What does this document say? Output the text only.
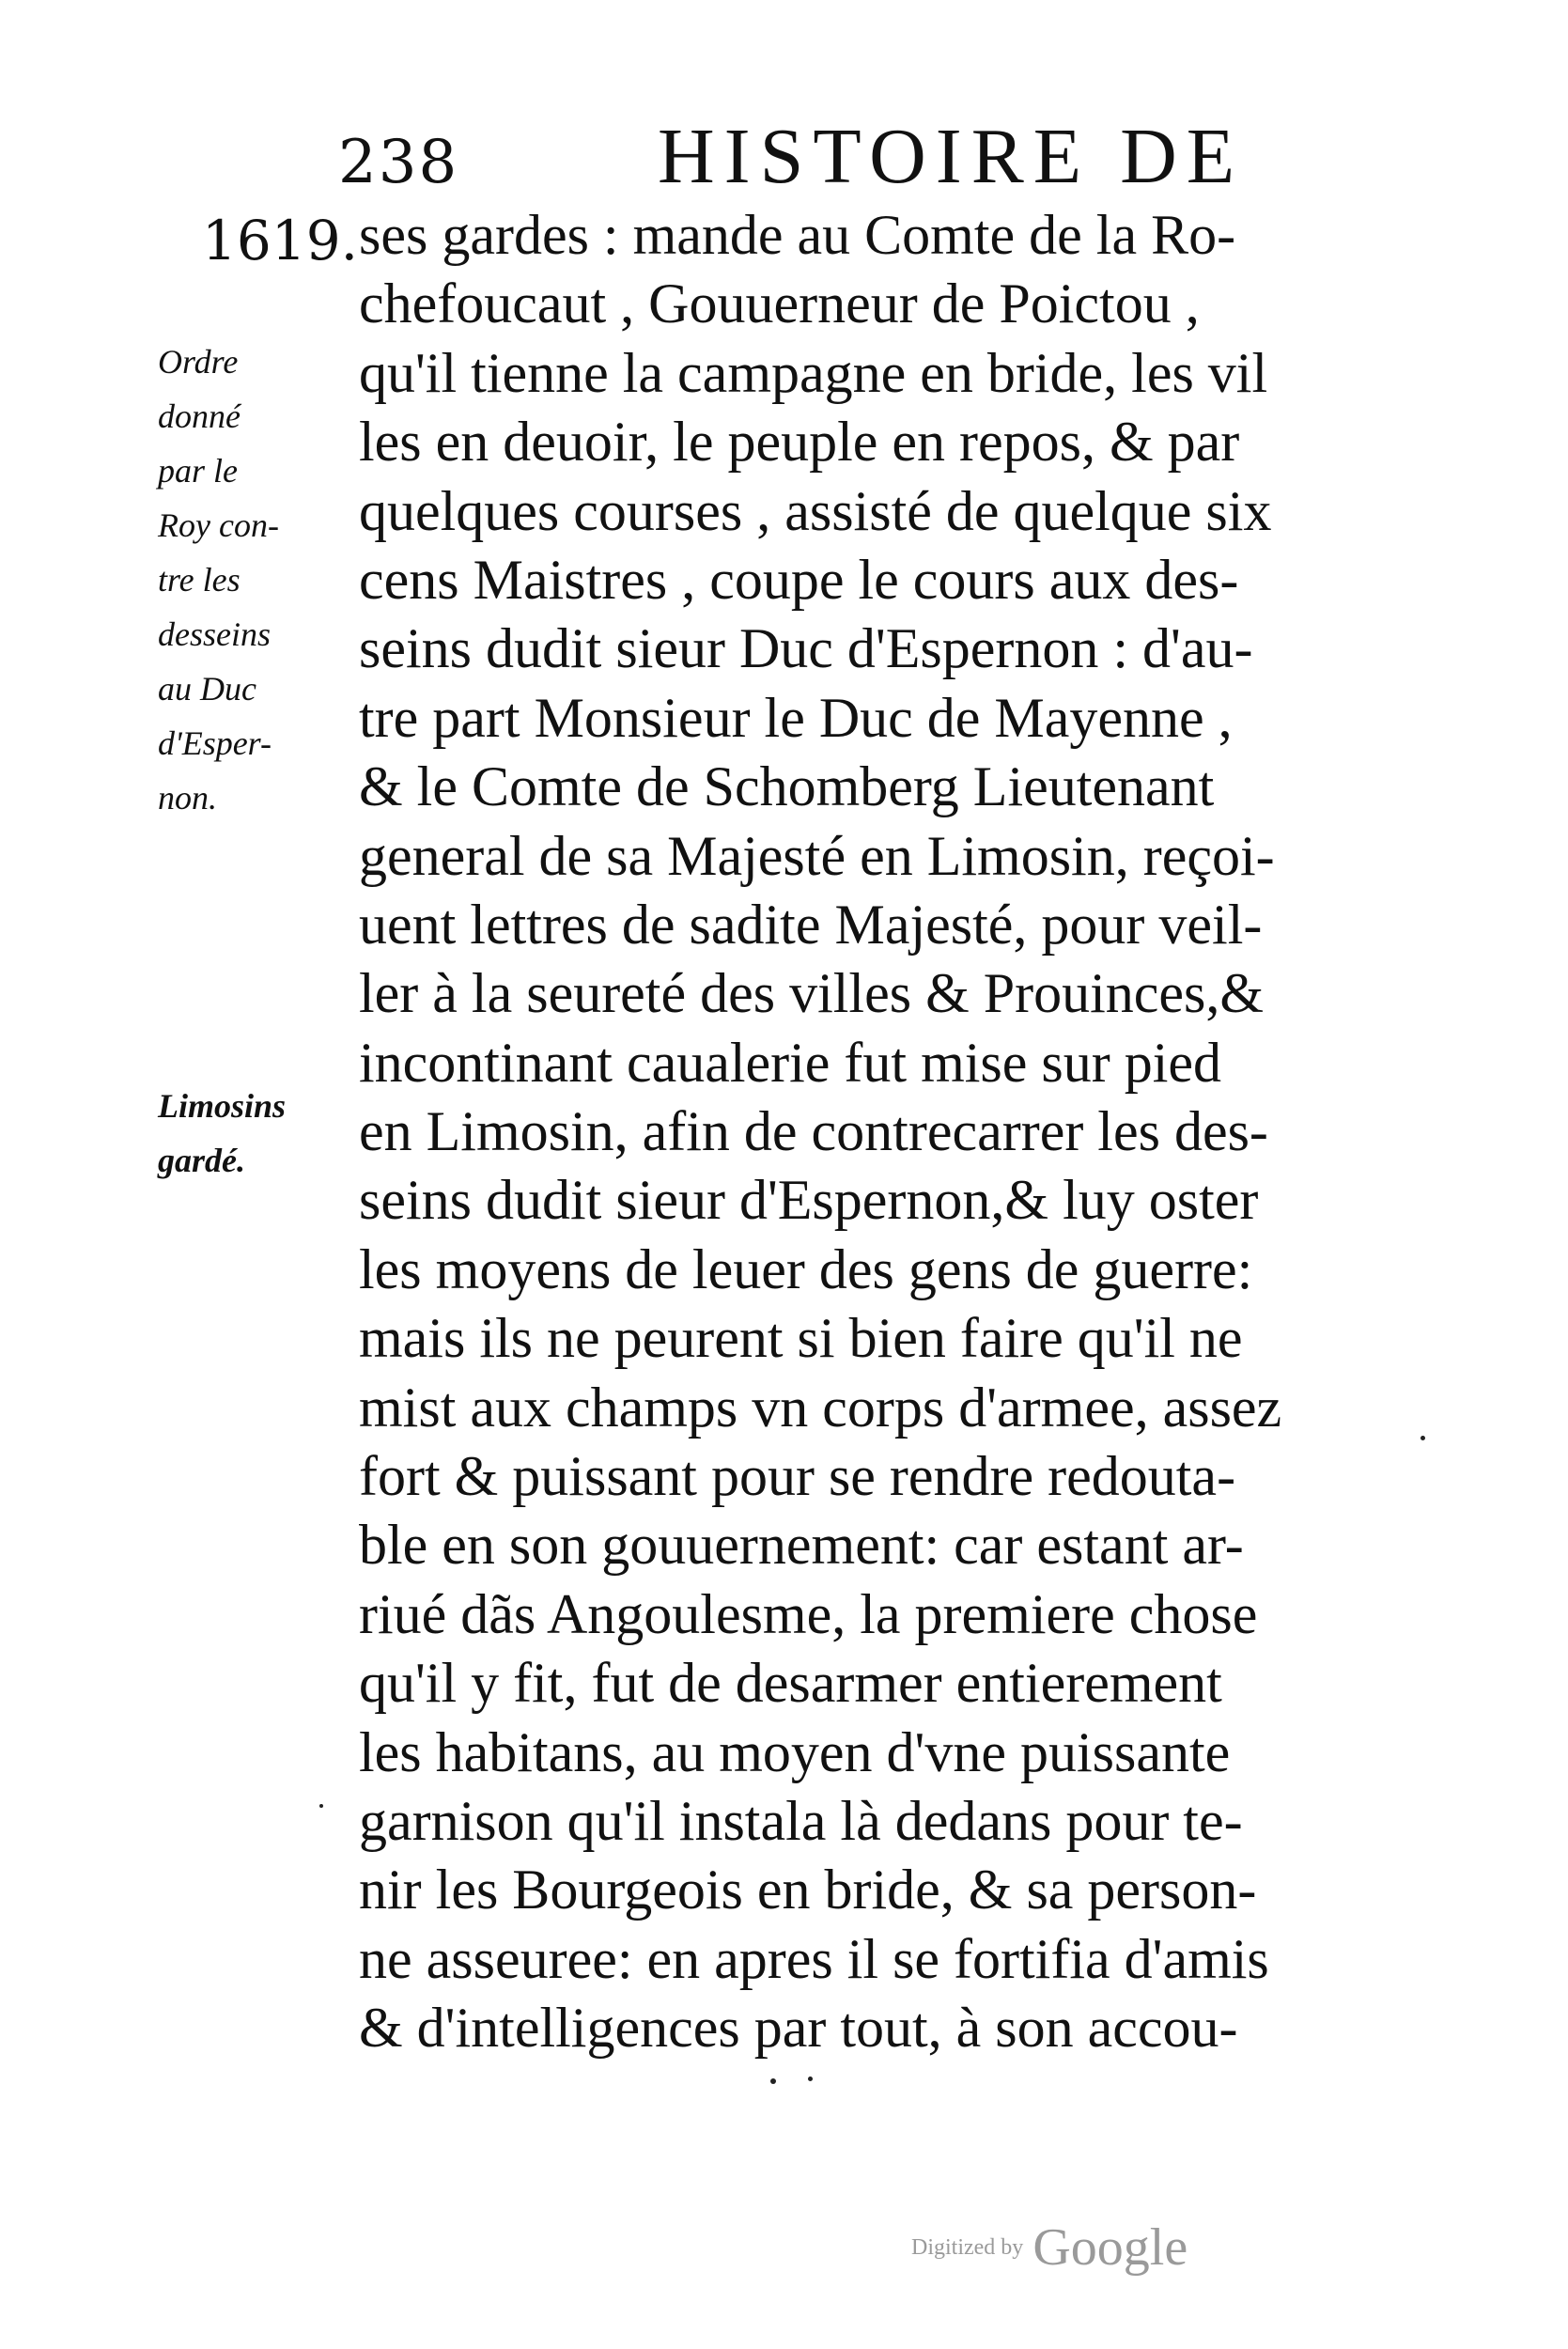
238	HISTOIRE DE
1619.
Ordre
donné
par le
Roy con-
tre les
desseins
au Duc
d'Esper-
non.
Limosins
gardé.
ses gardes : mande au Comte de la Ro-
chefoucaut , Gouuerneur de Poictou ,
qu'il tienne la campagne en bride, les vil
les en deuoir, le peuple en repos, & par
quelques courses , assisté de quelque six
cens Maistres , coupe le cours aux des-
seins dudit sieur Duc d'Espernon : d'au-
tre part Monsieur le Duc de Mayenne ,
& le Comte de Schomberg Lieutenant
general de sa Majesté en Limosin, reçoi-
uent lettres de sadite Majesté, pour veil-
ler à la seureté des villes & Prouinces,&
incontinant caualerie fut mise sur pied
en Limosin, afin de contrecarrer les des-
seins dudit sieur d'Espernon,& luy oster
les moyens de leuer des gens de guerre:
mais ils ne peurent si bien faire qu'il ne
mist aux champs vn corps d'armee, assez
fort & puissant pour se rendre redouta-
ble en son gouuernement: car estant ar-
riué dãs Angoulesme, la premiere chose
qu'il y fit, fut de desarmer entierement
les habitans, au moyen d'vne puissante
garnison qu'il instala là dedans pour te-
nir les Bourgeois en bride, & sa person-
ne asseuree: en apres il se fortifia d'amis
& d'intelligences par tout, à son accou-
Digitized by Google
